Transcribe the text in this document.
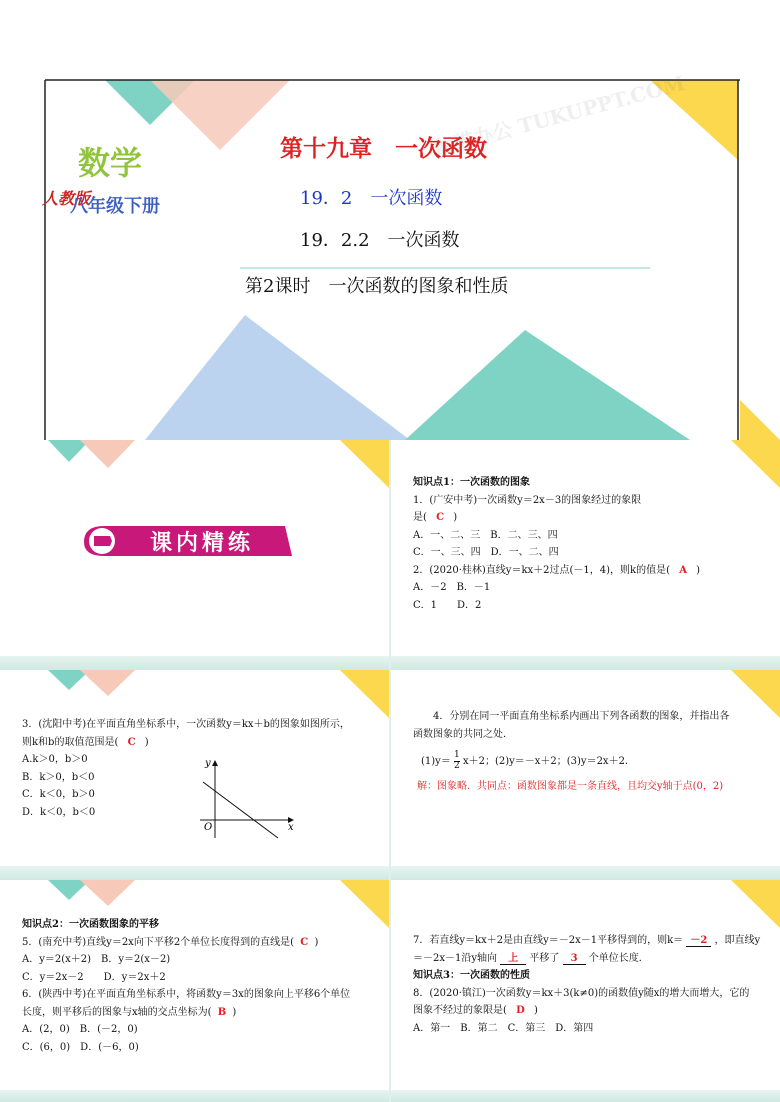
数学
人教版
八年级下册
第十九章　一次函数
19．2　一次函数
19．2.2　一次函数
第2课时　一次函数的图象和性质
熊猫办公 TUKUPPT.COM
课内精练
知识点1：一次函数的图象
1．(广安中考)一次函数y＝2x－3的图象经过的象限
是( C )
A．一、二、三　B．二、三、四
C．一、三、四　D．一、二、四
2．(2020·桂林)直线y＝kx＋2过点(－1，4)，则k的值是( A )
A．－2　B．－1
C．1　　D．2
y
x
O
3．(沈阳中考)在平面直角坐标系中，一次函数y＝kx＋b的图象如图所示，
则k和b的取值范围是( C )
A.k＞0，b＞0
B．k＞0，b＜0
C．k＜0，b＞0
D．k＜0，b＜0
4．分别在同一平面直角坐标系内画出下列各函数的图象，并指出各
函数图象的共同之处．
$(1)y= \frac{1}{2} x+2$；(2)y＝－x＋2；(3)y＝2x＋2.
解：图象略．共同点：函数图象都是一条直线，且均交y轴于点(0，2)
知识点2：一次函数图象的平移
5．(南充中考)直线y＝2x向下平移2个单位长度得到的直线是( C )
A．y＝2(x＋2)　B．y＝2(x－2)
C．y＝2x－2　　D．y＝2x＋2
6．(陕西中考)在平面直角坐标系中，将函数y＝3x的图象向上平移6个单位
长度，则平移后的图象与x轴的交点坐标为( B )
A．(2，0)　B．(－2，0)
C．(6，0)　D．(－6，0)
7．若直线y＝kx＋2是由直线y＝－2x－1平移得到的，则k＝ －2 ，即直线y
＝－2x－1沿y轴向 上 平移了 3 个单位长度．
知识点3：一次函数的性质
8．(2020·镇江)一次函数y＝kx＋3(k≠0)的函数值y随x的增大而增大，它的
图象不经过的象限是( D )
A．第一　B．第二　C．第三　D．第四
